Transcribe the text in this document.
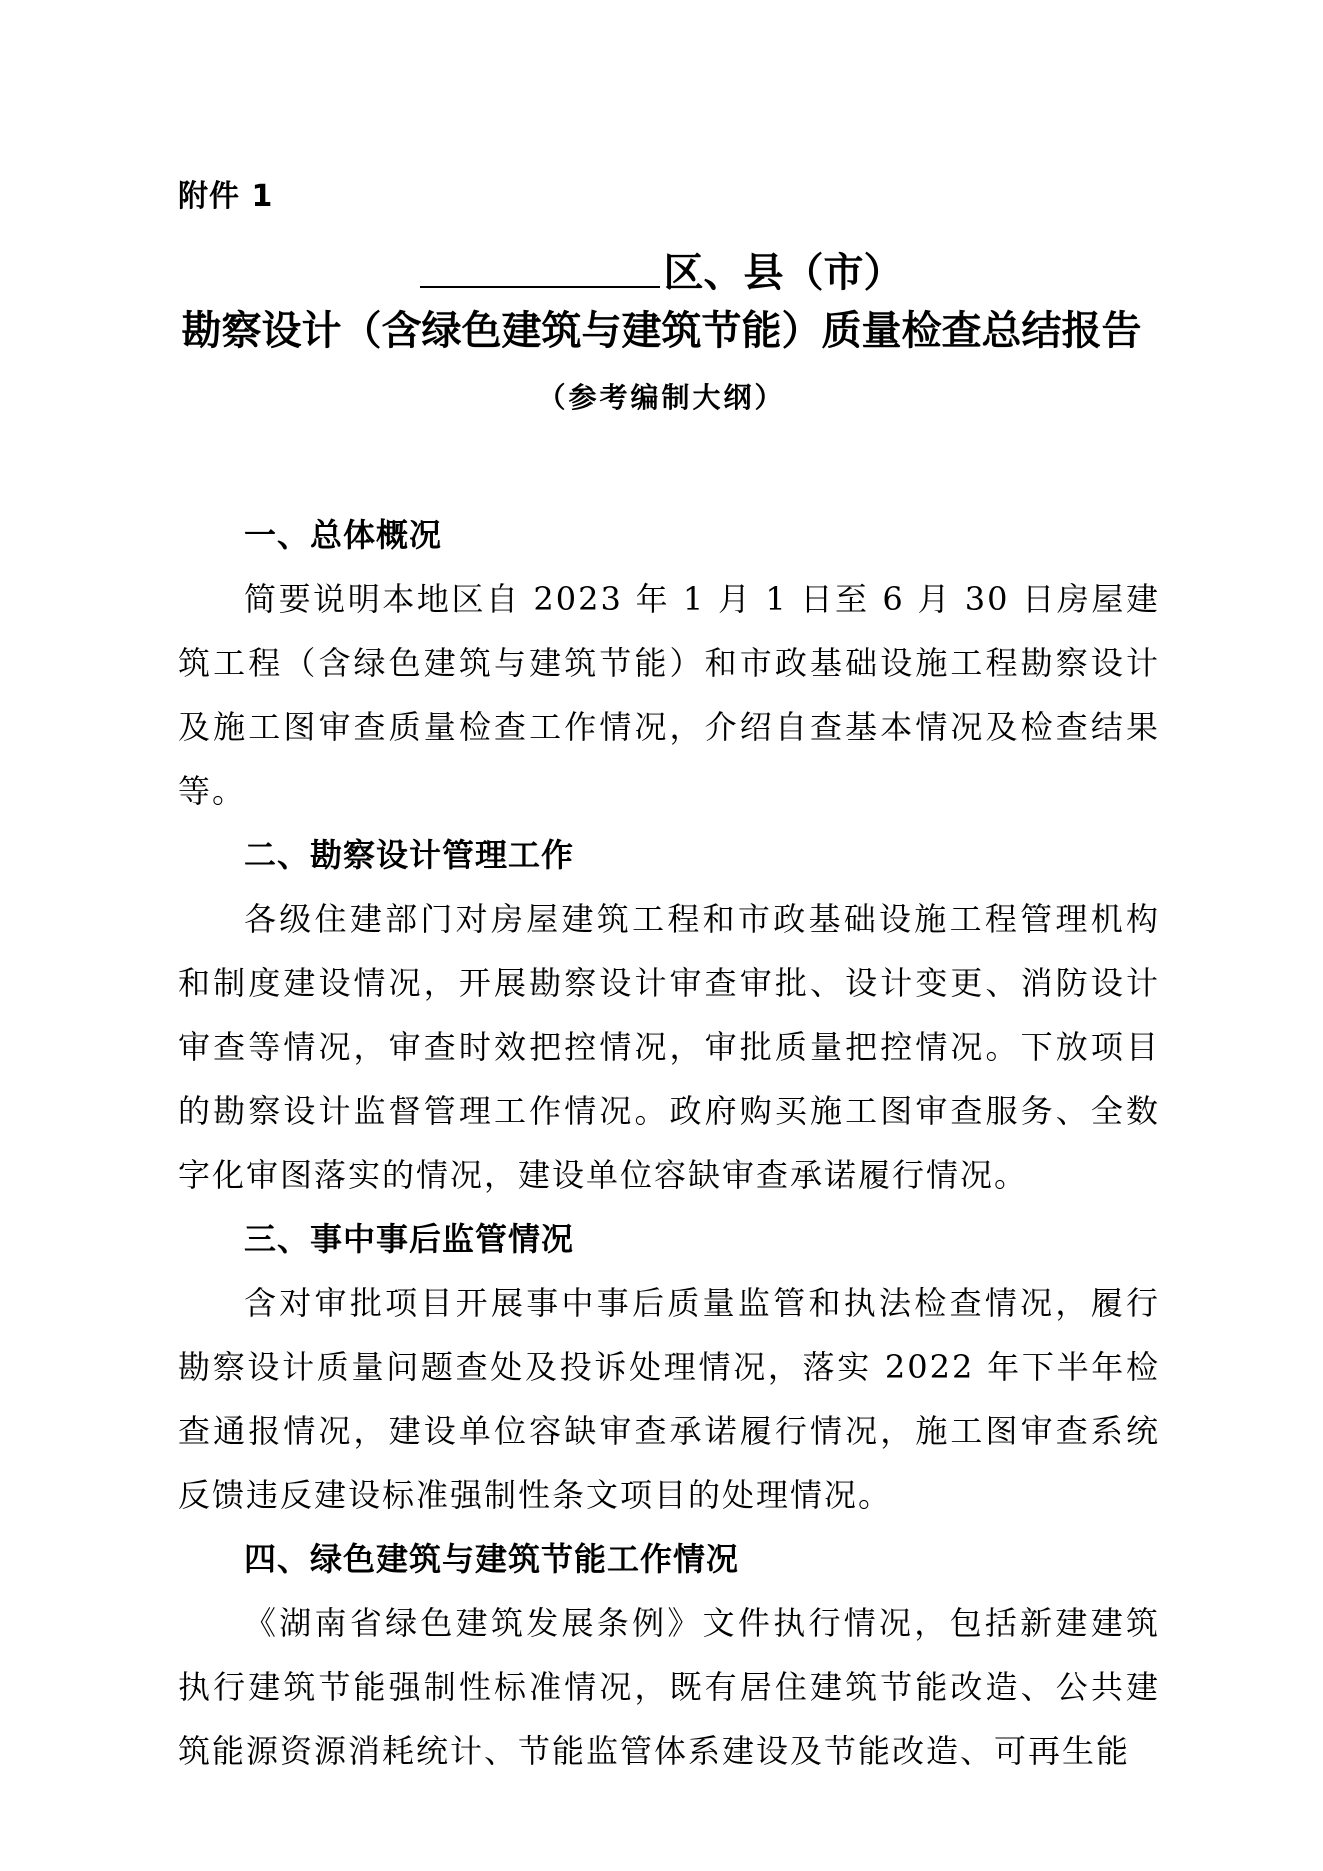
附件 1
区、县（市）
勘察设计（含绿色建筑与建筑节能）质量检查总结报告
（参考编制大纲）
一、总体概况

简要说明本地区自 2023 年 1 月 1 日至 6 月 30 日房屋建筑工程（含绿色建筑与建筑节能）和市政基础设施工程勘察设计及施工图审查质量检查工作情况，介绍自查基本情况及检查结果等。

二、勘察设计管理工作

各级住建部门对房屋建筑工程和市政基础设施工程管理机构和制度建设情况，开展勘察设计审查审批、设计变更、消防设计审查等情况，审查时效把控情况，审批质量把控情况。下放项目的勘察设计监督管理工作情况。政府购买施工图审查服务、全数字化审图落实的情况，建设单位容缺审查承诺履行情况。

三、事中事后监管情况

含对审批项目开展事中事后质量监管和执法检查情况，履行勘察设计质量问题查处及投诉处理情况，落实 2022 年下半年检查通报情况，建设单位容缺审查承诺履行情况，施工图审查系统反馈违反建设标准强制性条文项目的处理情况。

四、绿色建筑与建筑节能工作情况

《湖南省绿色建筑发展条例》文件执行情况，包括新建建筑执行建筑节能强制性标准情况，既有居住建筑节能改造、公共建筑能源资源消耗统计、节能监管体系建设及节能改造、可再生能
